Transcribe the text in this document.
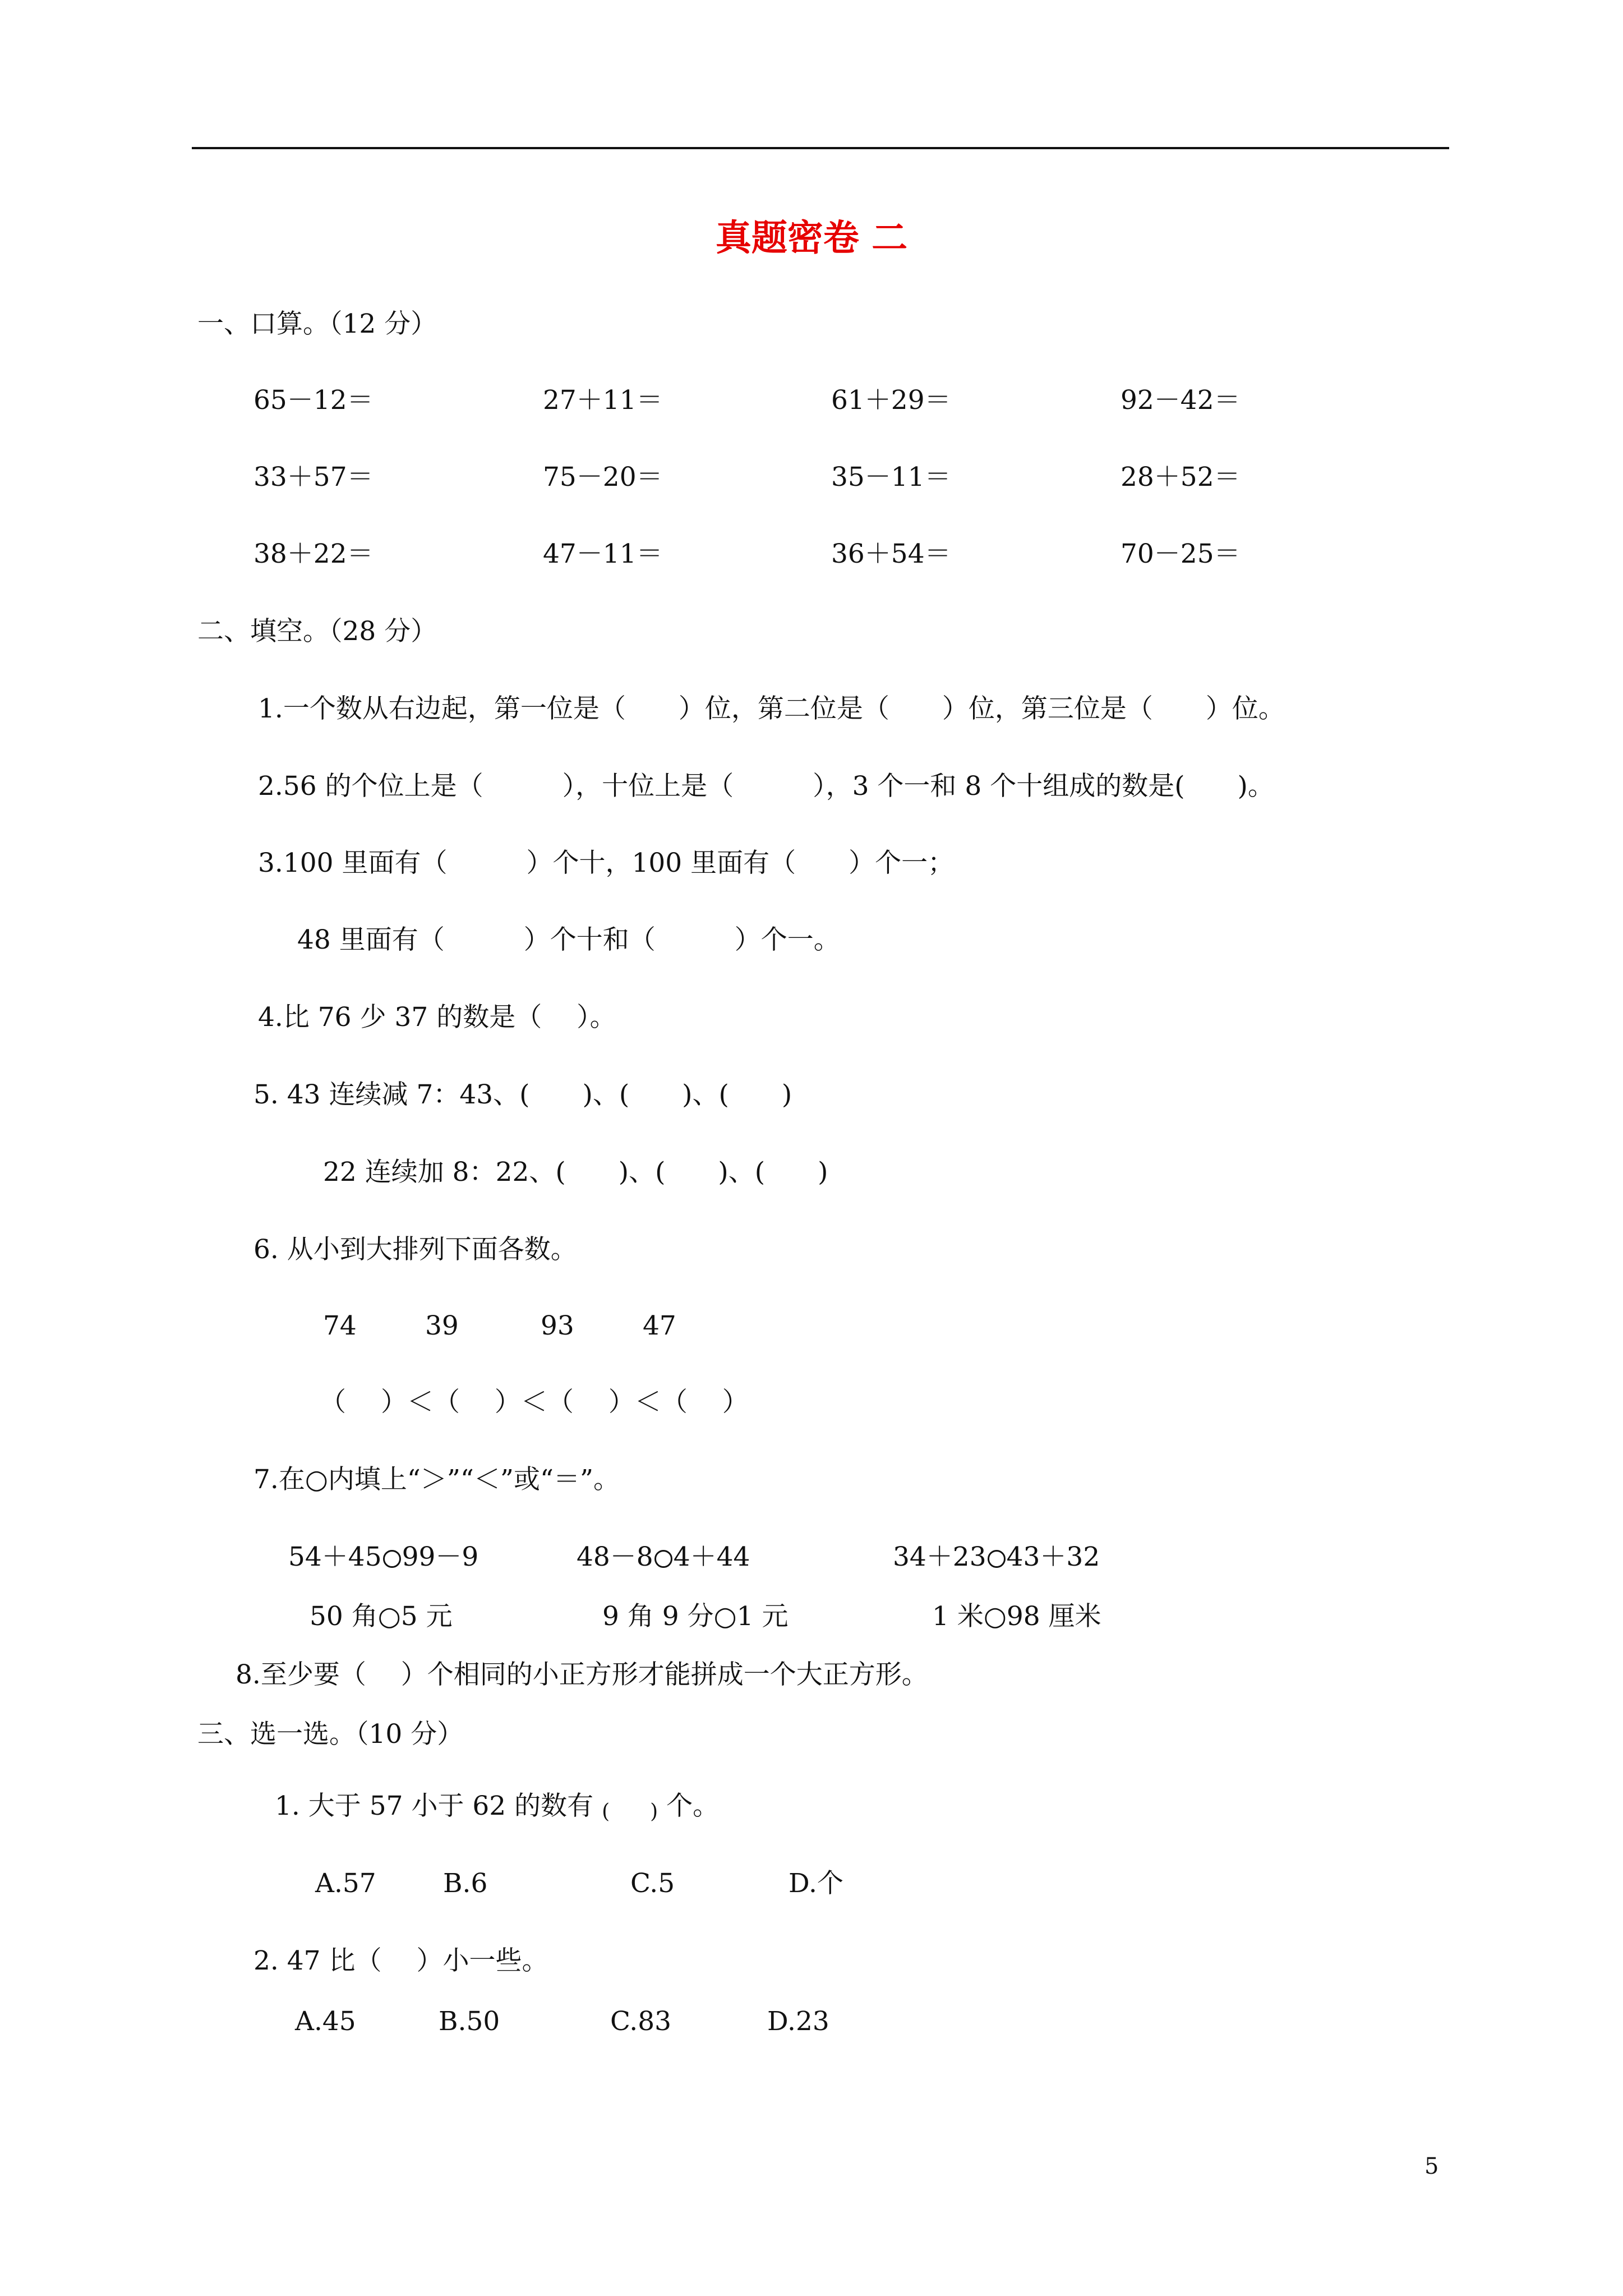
真题密卷 二
一、口算。（12 分）
65－12＝	27＋11＝	61＋29＝	92－42＝
33＋57＝	75－20＝	35－11＝	28＋52＝
38＋22＝	47－11＝	36＋54＝	70－25＝
二、填空。（28 分）
1.一个数从右边起，第一位是（　　）位，第二位是（　　）位，第三位是（　　）位。
2.56 的个位上是（　　　），十位上是（　　　），3 个一和 8 个十组成的数是(　　)。
3.100 里面有（　　　）个十，100 里面有（　　）个一；
48 里面有（　　　）个十和（　　　）个一。
4.比 76 少 37 的数是（　 ）。
5. 43 连续减 7：43、(　　)、(　　)、(　　)
22 连续加 8：22、(　　)、(　　)、(　　)
6. 从小到大排列下面各数。
74	39	93	47
（　 ）＜（　 ）＜（　 ）＜（　 ）
7.在○内填上“＞”“＜”或“＝”。
54＋45 99－9	48－8 4＋44	34＋23 43＋32
50 角○5 元	9 角 9 分○1 元	1 米○98 厘米
8.至少要（　 ）个相同的小正方形才能拼成一个大正方形。
三、选一选。（10 分）
1. 大于 57 小于 62 的数有 (　　) 个。
A.57	B.6	C.5	D.个
2. 47 比（　 ）小一些。
A.45	B.50	C.83	D.23
5
